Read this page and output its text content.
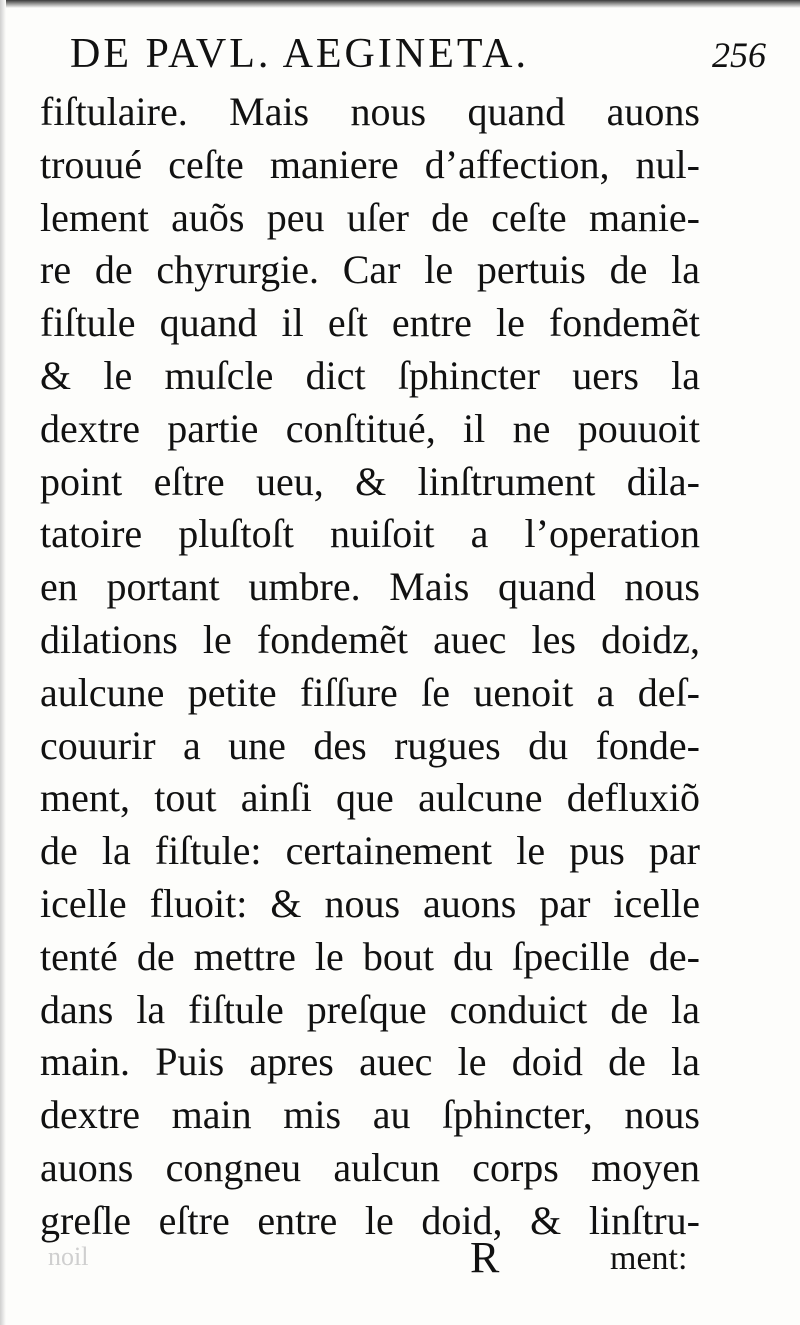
DE PAVL. AEGINETA.	256
fiſtulaire. Mais nous quand auons
trouué ceſte maniere d’affection, nul-
lement auõs peu uſer de ceſte manie-
re de chyrurgie. Car le pertuis de la
fiſtule quand il eſt entre le fondemẽt
& le muſcle dict ſphincter uers la
dextre partie conſtitué, il ne pouuoit
point eſtre ueu, & linſtrument dila-
tatoire pluſtoſt nuiſoit a l’operation
en portant umbre. Mais quand nous
dilations le fondemẽt auec les doidz,
aulcune petite fiſſure ſe uenoit a deſ-
couurir a une des rugues du fonde-
ment, tout ainſi que aulcune defluxiõ
de la fiſtule: certainement le pus par
icelle fluoit: & nous auons par icelle
tenté de mettre le bout du ſpecille de-
dans la fiſtule preſque conduict de la
main. Puis apres auec le doid de la
dextre main mis au ſphincter, nous
auons congneu aulcun corps moyen
greſle eſtre entre le doid, & linſtru-
noil	R	ment:
